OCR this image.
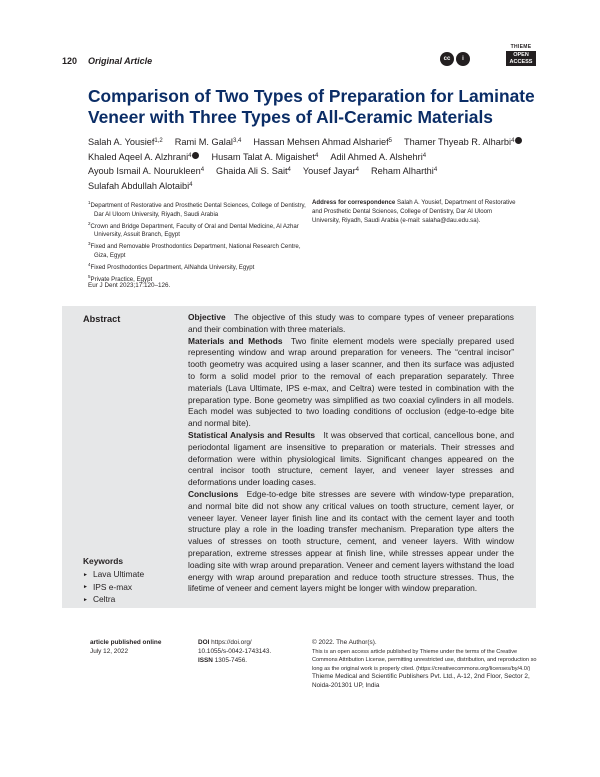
120 Original Article	cc	i
THIEME
OPEN
ACCESS
Comparison of Two Types of Preparation for Laminate Veneer with Three Types of All-Ceramic Materials
Salah A. Yousief$^{1,2}$ Rami M. Galal$^{3,4}$ Hassan Mehsen Ahmad Alsharief$^5$ Thamer Thyeab R. Alharbi$^4$
Khaled Aqeel A. Alzhrani$^4$ Husam Talat A. Migaishet$^4$ Adil Ahmed A. Alshehri$^4$
Ayoub Ismail A. Nourukleen$^4$ Ghaida Ali S. Sait$^4$ Yousef Jayar$^4$ Reham Alharthi$^4$
Sulafah Abdullah Alotaibi$^4$
$^1$Department of Restorative and Prosthetic Dental Sciences, College of Dentistry, Dar Al Uloom University, Riyadh, Saudi Arabia
$^2$Crown and Bridge Department, Faculty of Oral and Dental Medicine, Al Azhar University, Assuit Branch, Egypt
$^3$Fixed and Removable Prosthodontics Department, National Research Centre, Giza, Egypt
$^4$Fixed Prosthodontics Department, AlNahda University, Egypt
$^5$Private Practice, Egypt
Address for correspondence Salah A. Yousief, Department of Restorative and Prosthetic Dental Sciences, College of Dentistry, Dar Al Uloom University, Riyadh, Saudi Arabia (e-mail: salaha@dau.edu.sa).
Eur J Dent 2023;17:120–126.
Abstract	Objective  The objective of this study was to compare types of veneer preparations and their combination with three materials.
Materials and Methods  Two finite element models were specially prepared used representing window and wrap around preparation for veneers. The “central incisor” tooth geometry was acquired using a laser scanner, and then its surface was adjusted to form a solid model prior to the removal of each preparation separately. Three materials (Lava Ultimate, IPS e-max, and Celtra) were tested in combination with the preparation type. Bone geometry was simplified as two coaxial cylinders in all models. Each model was subjected to two loading conditions of occlusion (edge-to-edge bite and normal bite).
Statistical Analysis and Results  It was observed that cortical, cancellous bone, and periodontal ligament are insensitive to preparation or materials. Their stresses and deformation were within physiological limits. Significant changes appeared on the central incisor tooth structure, cement layer, and veneer layer stresses and deformations under loading cases.
Conclusions  Edge-to-edge bite stresses are severe with window-type preparation, and normal bite did not show any critical values on tooth structure, cement layer, or veneer layer. Veneer layer finish line and its contact with the cement layer and tooth structure play a role in the loading transfer mechanism. Preparation type alters the values of stresses on tooth structure, cement, and veneer layers. With window preparation, extreme stresses appear at finish line, while stresses appear under the loading site with wrap around preparation. Veneer and cement layers withstand the load energy with wrap around preparation and reduce tooth structure stresses. Thus, the lifetime of veneer and cement layers might be longer with window preparation.
Keywords
► Lava Ultimate
► IPS e-max
► Celtra
article published online
July 12, 2022
DOI https://doi.org/
10.1055/s-0042-1743143.
ISSN 1305-7456.
© 2022. The Author(s).
This is an open access article published by Thieme under the terms of the Creative Commons Attribution License, permitting unrestricted use, distribution, and reproduction so long as the original work is properly cited. (https://creativecommons.org/licenses/by/4.0/)
Thieme Medical and Scientific Publishers Pvt. Ltd., A-12, 2nd Floor, Sector 2, Noida-201301 UP, India
